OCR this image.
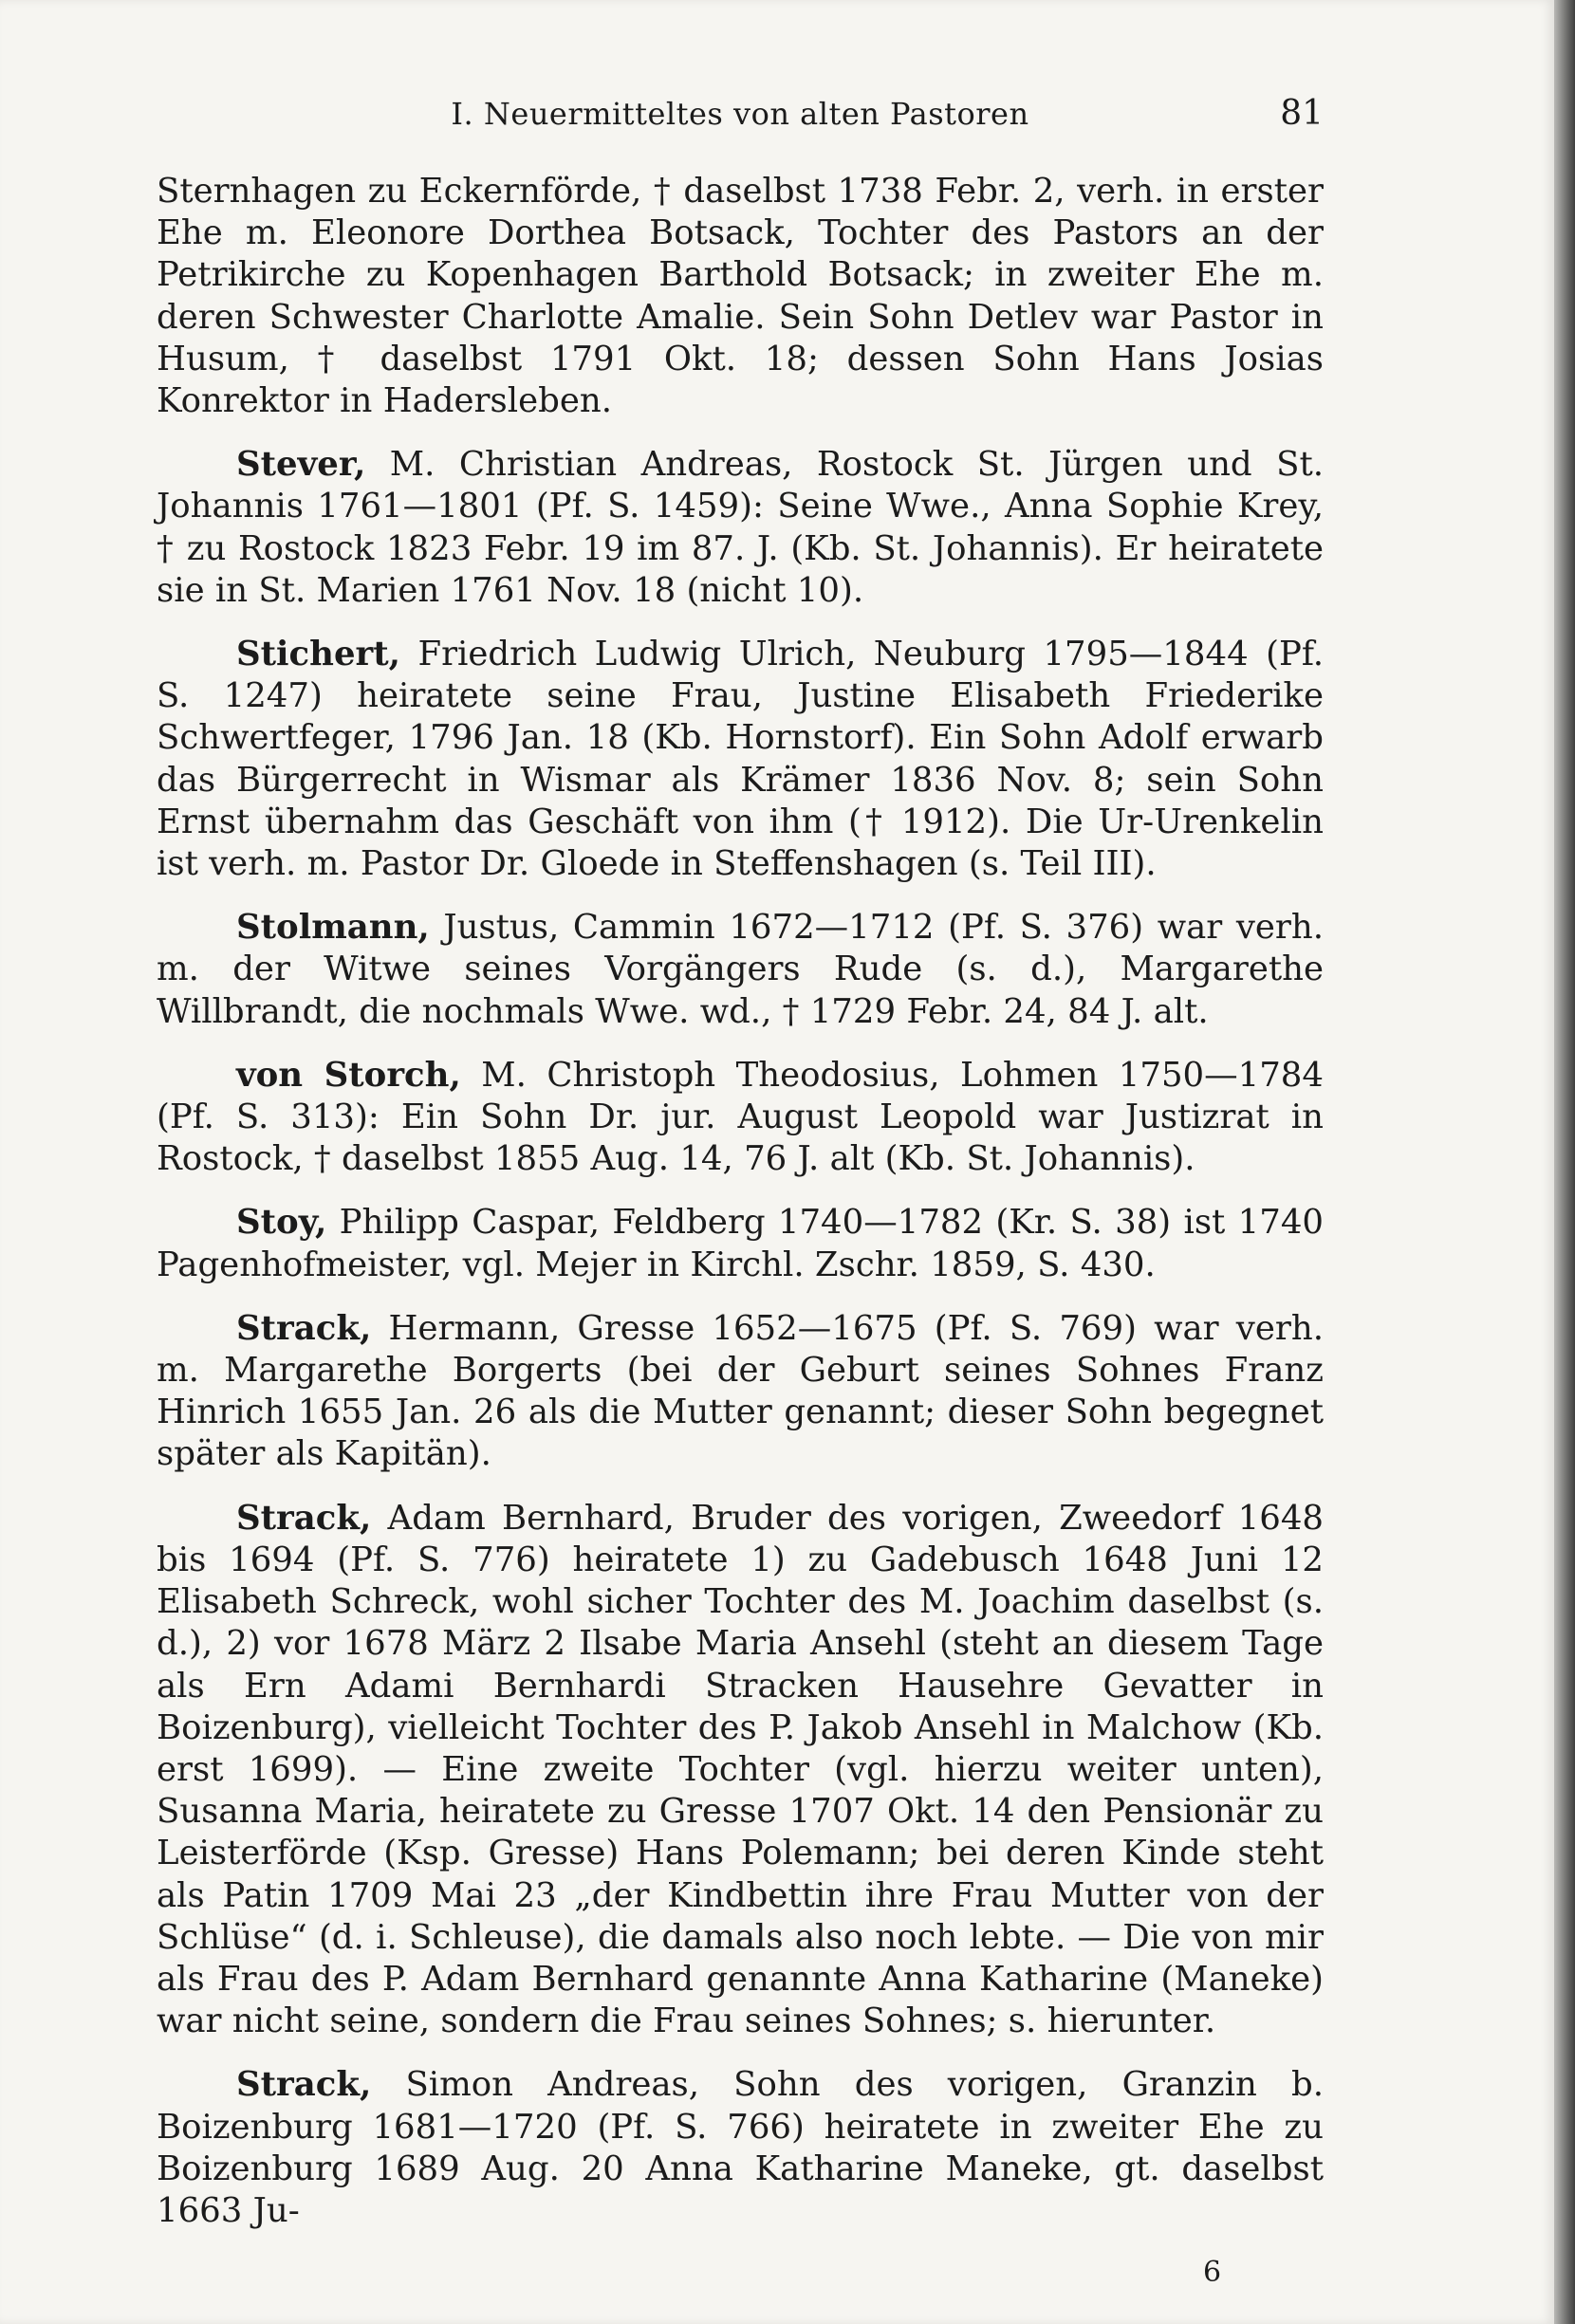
I. Neuermitteltes von alten Pastoren	81

Sternhagen zu Eckernförde, † daselbst 1738 Febr. 2, verh. in erster Ehe m. Eleonore Dorthea Botsack, Tochter des Pastors an der Petrikirche zu Kopenhagen Barthold Botsack; in zweiter Ehe m. deren Schwester Charlotte Amalie. Sein Sohn Detlev war Pastor in Husum, † daselbst 1791 Okt. 18; dessen Sohn Hans Josias Konrektor in Hadersleben.

Stever, M. Christian Andreas, Rostock St. Jürgen und St. Johannis 1761—1801 (Pf. S. 1459): Seine Wwe., Anna Sophie Krey, † zu Rostock 1823 Febr. 19 im 87. J. (Kb. St. Johannis). Er heiratete sie in St. Marien 1761 Nov. 18 (nicht 10).

Stichert, Friedrich Ludwig Ulrich, Neuburg 1795—1844 (Pf. S. 1247) heiratete seine Frau, Justine Elisabeth Friederike Schwertfeger, 1796 Jan. 18 (Kb. Hornstorf). Ein Sohn Adolf erwarb das Bürgerrecht in Wismar als Krämer 1836 Nov. 8; sein Sohn Ernst übernahm das Geschäft von ihm († 1912). Die Ur-Urenkelin ist verh. m. Pastor Dr. Gloede in Steffenshagen (s. Teil III).

Stolmann, Justus, Cammin 1672—1712 (Pf. S. 376) war verh. m. der Witwe seines Vorgängers Rude (s. d.), Margarethe Willbrandt, die nochmals Wwe. wd., † 1729 Febr. 24, 84 J. alt.

von Storch, M. Christoph Theodosius, Lohmen 1750—1784 (Pf. S. 313): Ein Sohn Dr. jur. August Leopold war Justizrat in Rostock, † daselbst 1855 Aug. 14, 76 J. alt (Kb. St. Johannis).

Stoy, Philipp Caspar, Feldberg 1740—1782 (Kr. S. 38) ist 1740 Pagenhofmeister, vgl. Mejer in Kirchl. Zschr. 1859, S. 430.

Strack, Hermann, Gresse 1652—1675 (Pf. S. 769) war verh. m. Margarethe Borgerts (bei der Geburt seines Sohnes Franz Hinrich 1655 Jan. 26 als die Mutter genannt; dieser Sohn begegnet später als Kapitän).

Strack, Adam Bernhard, Bruder des vorigen, Zweedorf 1648 bis 1694 (Pf. S. 776) heiratete 1) zu Gadebusch 1648 Juni 12 Elisabeth Schreck, wohl sicher Tochter des M. Joachim daselbst (s. d.), 2) vor 1678 März 2 Ilsabe Maria Ansehl (steht an diesem Tage als Ern Adami Bernhardi Stracken Hausehre Gevatter in Boizenburg), vielleicht Tochter des P. Jakob Ansehl in Malchow (Kb. erst 1699). — Eine zweite Tochter (vgl. hierzu weiter unten), Susanna Maria, heiratete zu Gresse 1707 Okt. 14 den Pensionär zu Leisterförde (Ksp. Gresse) Hans Polemann; bei deren Kinde steht als Patin 1709 Mai 23 „der Kindbettin ihre Frau Mutter von der Schlüse“ (d. i. Schleuse), die damals also noch lebte. — Die von mir als Frau des P. Adam Bernhard genannte Anna Katharine (Maneke) war nicht seine, sondern die Frau seines Sohnes; s. hierunter.

Strack, Simon Andreas, Sohn des vorigen, Granzin b. Boizenburg 1681—1720 (Pf. S. 766) heiratete in zweiter Ehe zu Boizenburg 1689 Aug. 20 Anna Katharine Maneke, gt. daselbst 1663 Ju-

6
